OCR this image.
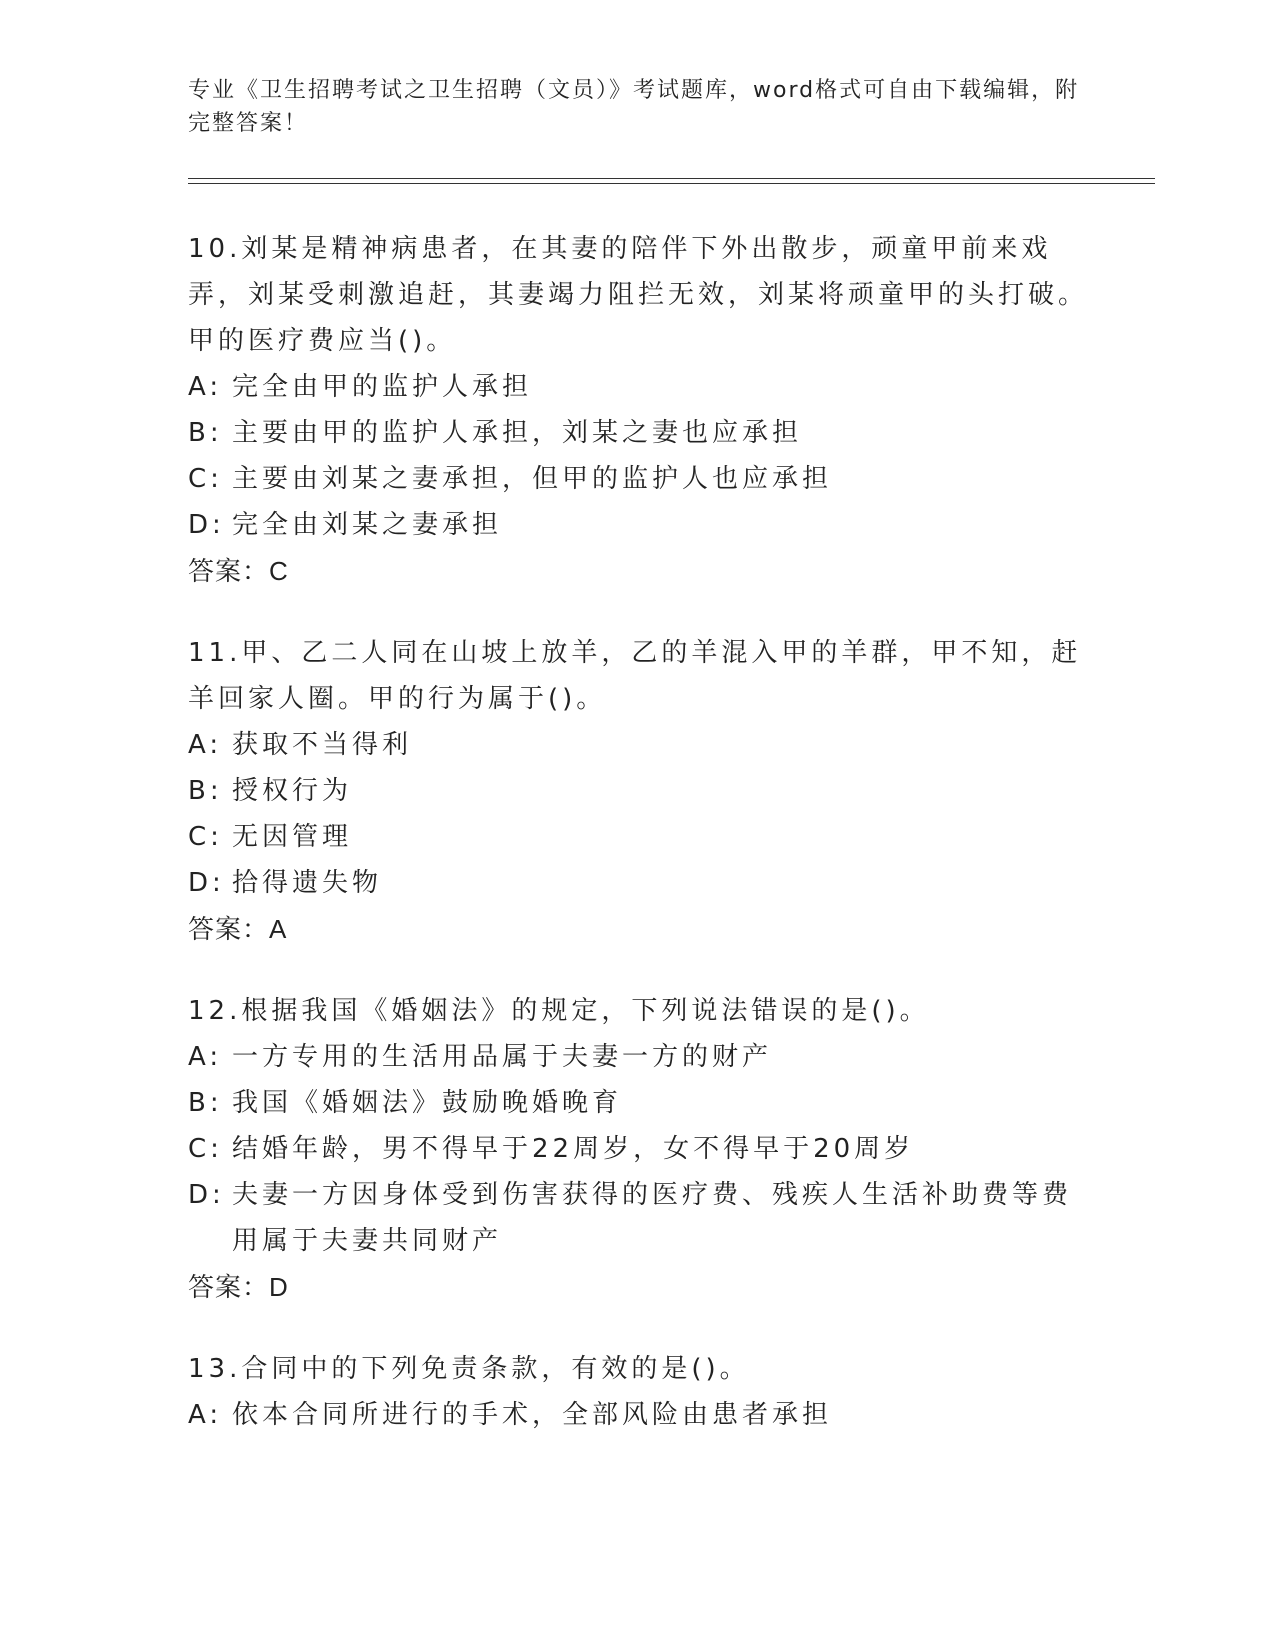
专业《卫生招聘考试之卫生招聘（文员）》考试题库，word格式可自由下载编辑，附完整答案！
10.刘某是精神病患者，在其妻的陪伴下外出散步，顽童甲前来戏弄，刘某受刺激追赶，其妻竭力阻拦无效，刘某将顽童甲的头打破。甲的医疗费应当()。
A: 完全由甲的监护人承担
B: 主要由甲的监护人承担，刘某之妻也应承担
C: 主要由刘某之妻承担，但甲的监护人也应承担
D: 完全由刘某之妻承担
答案：C
11.甲、乙二人同在山坡上放羊，乙的羊混入甲的羊群，甲不知，赶羊回家人圈。甲的行为属于()。
A: 获取不当得利
B: 授权行为
C: 无因管理
D: 拾得遗失物
答案：A
12.根据我国《婚姻法》的规定，下列说法错误的是()。
A: 一方专用的生活用品属于夫妻一方的财产
B: 我国《婚姻法》鼓励晚婚晚育
C: 结婚年龄，男不得早于22周岁，女不得早于20周岁
D: 夫妻一方因身体受到伤害获得的医疗费、残疾人生活补助费等费用属于夫妻共同财产
答案：D
13.合同中的下列免责条款，有效的是()。
A: 依本合同所进行的手术，全部风险由患者承担
